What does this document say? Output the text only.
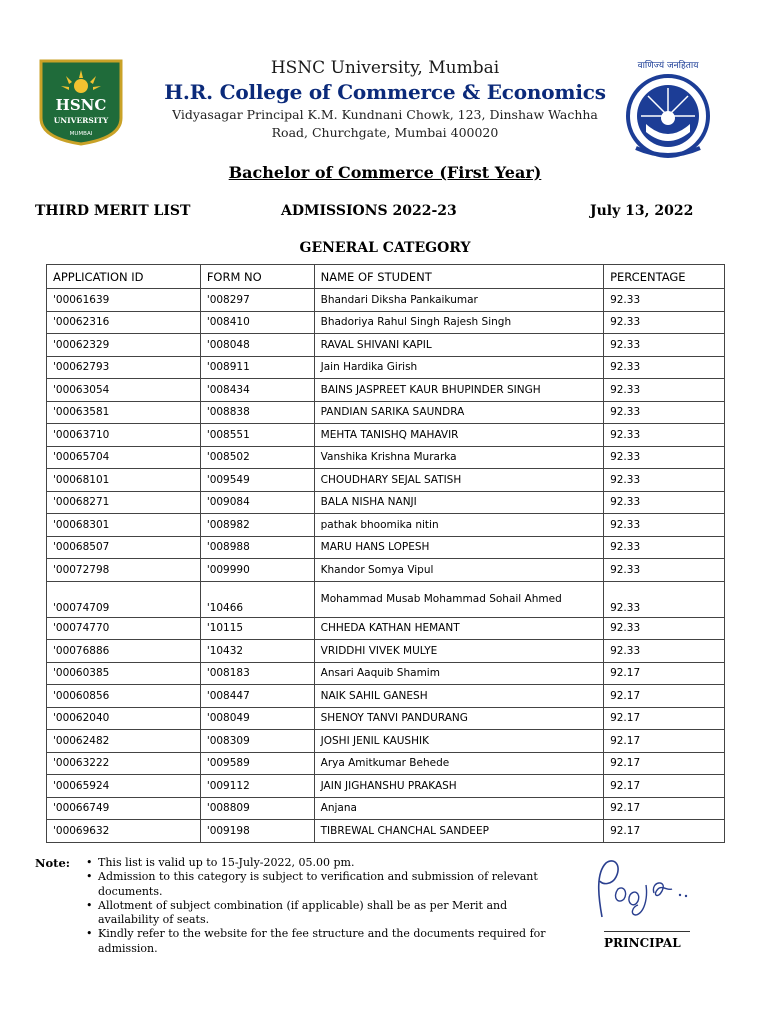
HSNC
UNIVERSITY
MUMBAI
HSNC University, Mumbai
H.R. College of Commerce & Economics
Vidyasagar Principal K.M. Kundnani Chowk, 123, Dinshaw Wachha
Road, Churchgate, Mumbai 400020
वाणिज्यं जनहिताय
Bachelor of Commerce (First Year)
THIRD MERIT LIST	ADMISSIONS 2022-23	July 13, 2022
GENERAL CATEGORY
APPLICATION ID	FORM NO	NAME OF STUDENT	PERCENTAGE
'00061639	'008297	Bhandari Diksha Pankaikumar	92.33
'00062316	'008410	Bhadoriya Rahul Singh Rajesh Singh	92.33
'00062329	'008048	RAVAL SHIVANI KAPIL	92.33
'00062793	'008911	Jain Hardika Girish	92.33
'00063054	'008434	BAINS JASPREET KAUR BHUPINDER SINGH	92.33
'00063581	'008838	PANDIAN SARIKA SAUNDRA	92.33
'00063710	'008551	MEHTA TANISHQ MAHAVIR	92.33
'00065704	'008502	Vanshika Krishna Murarka	92.33
'00068101	'009549	CHOUDHARY SEJAL SATISH	92.33
'00068271	'009084	BALA NISHA NANJI	92.33
'00068301	'008982	pathak bhoomika nitin	92.33
'00068507	'008988	MARU HANS LOPESH	92.33
'00072798	'009990	Khandor Somya Vipul	92.33
'00074709	'10466	Mohammad Musab Mohammad Sohail Ahmed	92.33
'00074770	'10115	CHHEDA KATHAN HEMANT	92.33
'00076886	'10432	VRIDDHI VIVEK MULYE	92.33
'00060385	'008183	Ansari Aaquib Shamim	92.17
'00060856	'008447	NAIK SAHIL GANESH	92.17
'00062040	'008049	SHENOY TANVI PANDURANG	92.17
'00062482	'008309	JOSHI JENIL KAUSHIK	92.17
'00063222	'009589	Arya Amitkumar Behede	92.17
'00065924	'009112	JAIN JIGHANSHU PRAKASH	92.17
'00066749	'008809	Anjana	92.17
'00069632	'009198	TIBREWAL CHANCHAL SANDEEP	92.17
Note:	• This list is valid up to 15-July-2022, 05.00 pm.
• Admission to this category is subject to verification and submission of relevant documents.
• Allotment of subject combination (if applicable) shall be as per Merit and availability of seats.
• Kindly refer to the website for the fee structure and the documents required for admission.	PRINCIPAL
